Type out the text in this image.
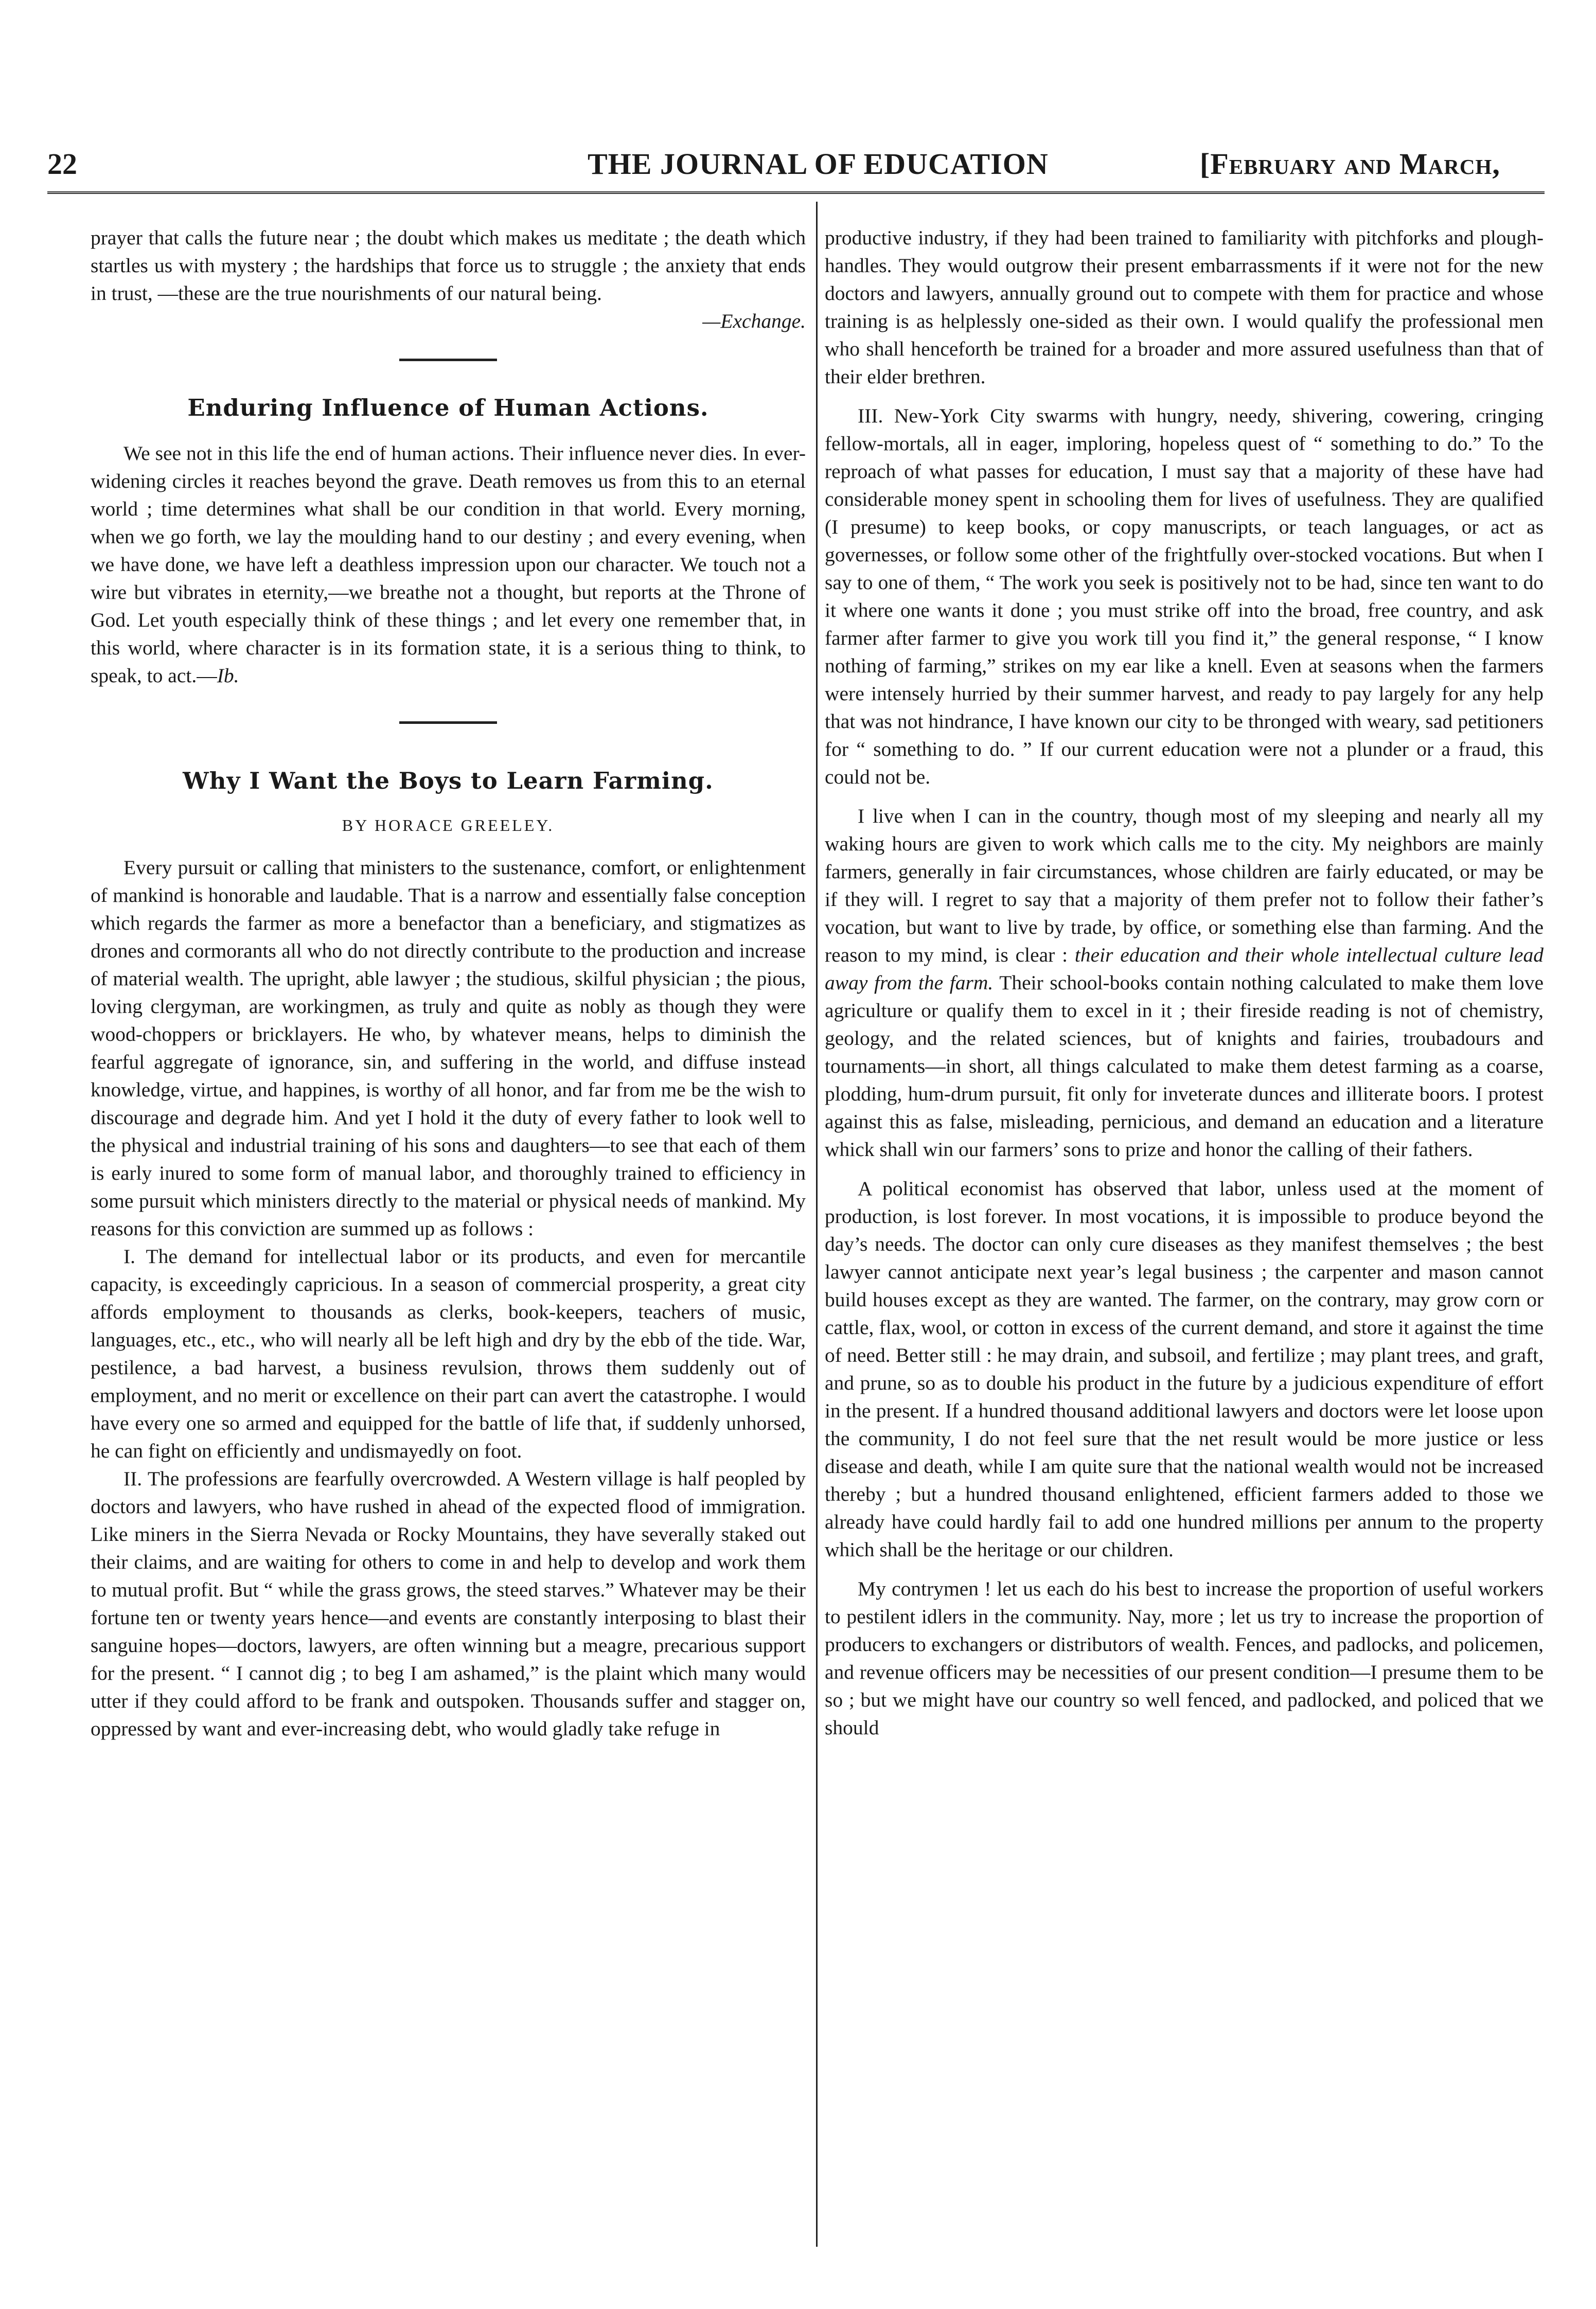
22	THE JOURNAL OF EDUCATION	[February and March,

prayer that calls the future near ; the doubt which makes us meditate ; the death which startles us with mystery ; the hardships that force us to struggle ; the anxiety that ends in trust, —these are the true nourishments of our natural being.

—Exchange.

Enduring Influence of Human Actions.

We see not in this life the end of human actions. Their influence never dies. In ever-widening circles it reaches beyond the grave. Death removes us from this to an eternal world ; time determines what shall be our condition in that world. Every morning, when we go forth, we lay the moulding hand to our destiny ; and every evening, when we have done, we have left a deathless impression upon our character. We touch not a wire but vibrates in eternity,—we breathe not a thought, but reports at the Throne of God. Let youth especially think of these things ; and let every one remember that, in this world, where character is in its formation state, it is a serious thing to think, to speak, to act.—Ib.

Why I Want the Boys to Learn Farming.

BY HORACE GREELEY.

Every pursuit or calling that ministers to the sustenance, comfort, or enlightenment of mankind is honorable and laudable. That is a narrow and essentially false conception which regards the farmer as more a benefactor than a beneficiary, and stigmatizes as drones and cormorants all who do not directly contribute to the production and increase of material wealth. The upright, able lawyer ; the studious, skilful physician ; the pious, loving clergyman, are workingmen, as truly and quite as nobly as though they were wood-choppers or bricklayers. He who, by whatever means, helps to diminish the fearful aggregate of ignorance, sin, and suffering in the world, and diffuse instead knowledge, virtue, and happines, is worthy of all honor, and far from me be the wish to discourage and degrade him. And yet I hold it the duty of every father to look well to the physical and industrial training of his sons and daughters—to see that each of them is early inured to some form of manual labor, and thoroughly trained to efficiency in some pursuit which ministers directly to the material or physical needs of mankind. My reasons for this conviction are summed up as follows :

I. The demand for intellectual labor or its products, and even for mercantile capacity, is exceedingly capricious. In a season of commercial prosperity, a great city affords employment to thousands as clerks, book-keepers, teachers of music, languages, etc., etc., who will nearly all be left high and dry by the ebb of the tide. War, pestilence, a bad harvest, a business revulsion, throws them suddenly out of employment, and no merit or excellence on their part can avert the catastrophe. I would have every one so armed and equipped for the battle of life that, if suddenly unhorsed, he can fight on efficiently and undismayedly on foot.

II. The professions are fearfully overcrowded. A Western village is half peopled by doctors and lawyers, who have rushed in ahead of the expected flood of immigration. Like miners in the Sierra Nevada or Rocky Mountains, they have severally staked out their claims, and are waiting for others to come in and help to develop and work them to mutual profit. But “ while the grass grows, the steed starves.” Whatever may be their fortune ten or twenty years hence—and events are constantly interposing to blast their sanguine hopes—doctors, lawyers, are often winning but a meagre, precarious support for the present. “ I cannot dig ; to beg I am ashamed,” is the plaint which many would utter if they could afford to be frank and outspoken. Thousands suffer and stagger on, oppressed by want and ever-increasing debt, who would gladly take refuge in

productive industry, if they had been trained to familiarity with pitchforks and plough-handles. They would outgrow their present embarrassments if it were not for the new doctors and lawyers, annually ground out to compete with them for practice and whose training is as helplessly one-sided as their own. I would qualify the professional men who shall henceforth be trained for a broader and more assured usefulness than that of their elder brethren.

III. New-York City swarms with hungry, needy, shivering, cowering, cringing fellow-mortals, all in eager, imploring, hopeless quest of “ something to do.” To the reproach of what passes for education, I must say that a majority of these have had considerable money spent in schooling them for lives of usefulness. They are qualified (I presume) to keep books, or copy manuscripts, or teach languages, or act as governesses, or follow some other of the frightfully over-stocked vocations. But when I say to one of them, “ The work you seek is positively not to be had, since ten want to do it where one wants it done ; you must strike off into the broad, free country, and ask farmer after farmer to give you work till you find it,” the general response, “ I know nothing of farming,” strikes on my ear like a knell. Even at seasons when the farmers were intensely hurried by their summer harvest, and ready to pay largely for any help that was not hindrance, I have known our city to be thronged with weary, sad petitioners for “ something to do. ” If our current education were not a plunder or a fraud, this could not be.

I live when I can in the country, though most of my sleeping and nearly all my waking hours are given to work which calls me to the city. My neighbors are mainly farmers, generally in fair circumstances, whose children are fairly educated, or may be if they will. I regret to say that a majority of them prefer not to follow their father’s vocation, but want to live by trade, by office, or something else than farming. And the reason to my mind, is clear : their education and their whole intellectual culture lead away from the farm. Their school-books contain nothing calculated to make them love agriculture or qualify them to excel in it ; their fireside reading is not of chemistry, geology, and the related sciences, but of knights and fairies, troubadours and tournaments—in short, all things calculated to make them detest farming as a coarse, plodding, hum-drum pursuit, fit only for inveterate dunces and illiterate boors. I protest against this as false, misleading, pernicious, and demand an education and a literature whick shall win our farmers’ sons to prize and honor the calling of their fathers.

A political economist has observed that labor, unless used at the moment of production, is lost forever. In most vocations, it is impossible to produce beyond the day’s needs. The doctor can only cure diseases as they manifest themselves ; the best lawyer cannot anticipate next year’s legal business ; the carpenter and mason cannot build houses except as they are wanted. The farmer, on the contrary, may grow corn or cattle, flax, wool, or cotton in excess of the current demand, and store it against the time of need. Better still : he may drain, and subsoil, and fertilize ; may plant trees, and graft, and prune, so as to double his product in the future by a judicious expenditure of effort in the present. If a hundred thousand additional lawyers and doctors were let loose upon the community, I do not feel sure that the net result would be more justice or less disease and death, while I am quite sure that the national wealth would not be increased thereby ; but a hundred thousand enlightened, efficient farmers added to those we already have could hardly fail to add one hundred millions per annum to the property which shall be the heritage or our children.

My contrymen ! let us each do his best to increase the proportion of useful workers to pestilent idlers in the community. Nay, more ; let us try to increase the proportion of producers to exchangers or distributors of wealth. Fences, and padlocks, and policemen, and revenue officers may be necessities of our present condition—I presume them to be so ; but we might have our country so well fenced, and padlocked, and policed that we should
